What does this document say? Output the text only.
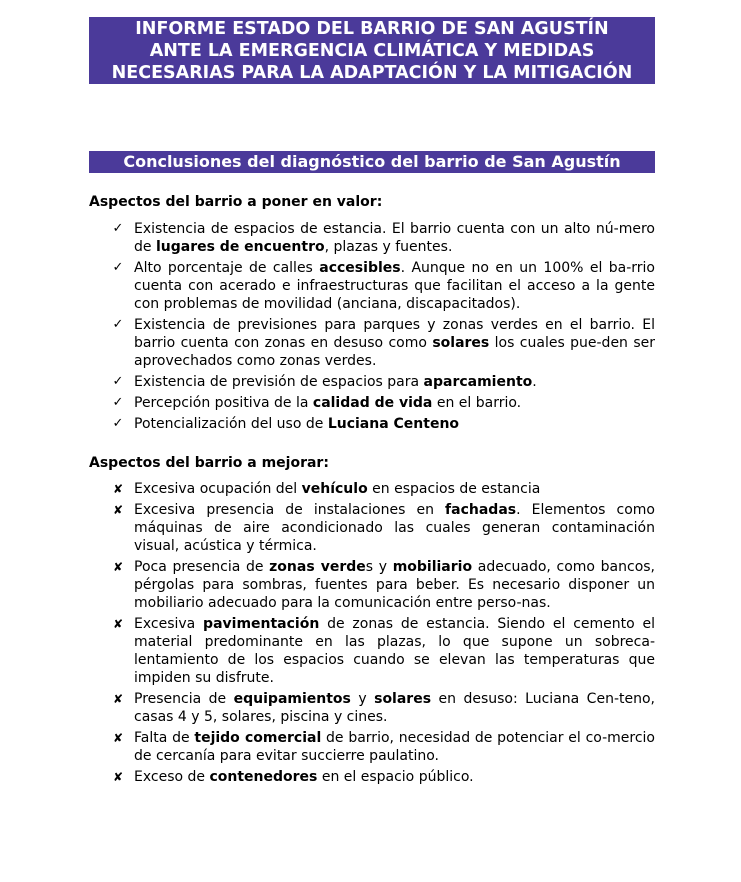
INFORME ESTADO DEL BARRIO DE SAN AGUSTÍN
ANTE LA EMERGENCIA CLIMÁTICA Y MEDIDAS
NECESARIAS PARA LA ADAPTACIÓN Y LA MITIGACIÓN
Conclusiones del diagnóstico del barrio de San Agustín
Aspectos del barrio a poner en valor:
✓ Existencia de espacios de estancia. El barrio cuenta con un alto nú-mero de lugares de encuentro, plazas y fuentes.
✓ Alto porcentaje de calles accesibles. Aunque no en un 100% el ba-rrio cuenta con acerado e infraestructuras que facilitan el acceso a la gente con problemas de movilidad (anciana, discapacitados).
✓ Existencia de previsiones para parques y zonas verdes en el barrio. El barrio cuenta con zonas en desuso como solares los cuales pue-den ser aprovechados como zonas verdes.
✓ Existencia de previsión de espacios para aparcamiento.
✓ Percepción positiva de la calidad de vida en el barrio.
✓ Potencialización del uso de Luciana Centeno
Aspectos del barrio a mejorar:
✘ Excesiva ocupación del vehículo en espacios de estancia
✘ Excesiva presencia de instalaciones en fachadas. Elementos como máquinas de aire acondicionado las cuales generan contaminación visual, acústica y térmica.
✘ Poca presencia de zonas verdes y mobiliario adecuado, como bancos, pérgolas para sombras, fuentes para beber. Es necesario disponer un mobiliario adecuado para la comunicación entre perso-nas.
✘ Excesiva pavimentación de zonas de estancia. Siendo el cemento el material predominante en las plazas, lo que supone un sobreca-lentamiento de los espacios cuando se elevan las temperaturas que impiden su disfrute.
✘ Presencia de equipamientos y solares en desuso: Luciana Cen-teno, casas 4 y 5, solares, piscina y cines.
✘ Falta de tejido comercial de barrio, necesidad de potenciar el co-mercio de cercanía para evitar succierre paulatino.
✘ Exceso de contenedores en el espacio público.
